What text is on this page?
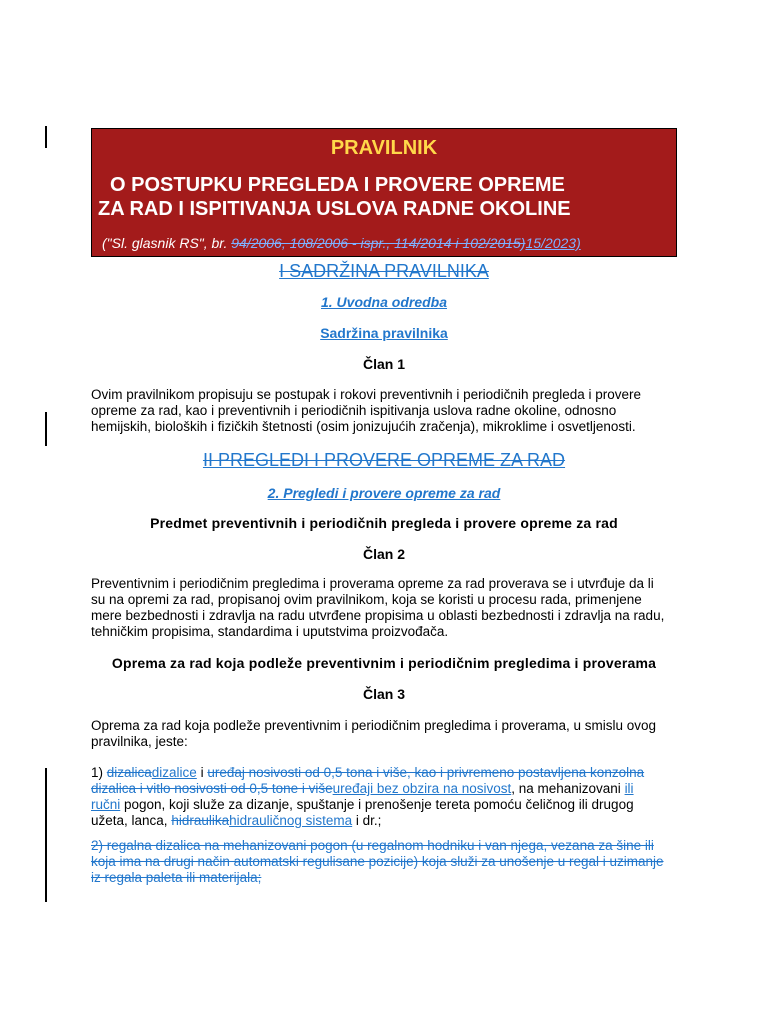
PRAVILNIK
O POSTUPKU PREGLEDA I PROVERE OPREME
ZA RAD I ISPITIVANJA USLOVA RADNE OKOLINE
("Sl. glasnik RS", br. 94/2006, 108/2006 - ispr., 114/2014 i 102/2015)15/2023)
I SADRŽINA PRAVILNIKA
1. Uvodna odredba
Sadržina pravilnika
Član 1
Ovim pravilnikom propisuju se postupak i rokovi preventivnih i periodičnih pregleda i provere
opreme za rad, kao i preventivnih i periodičnih ispitivanja uslova radne okoline, odnosno
hemijskih, bioloških i fizičkih štetnosti (osim jonizujućih zračenja), mikroklime i osvetljenosti.
II PREGLEDI I PROVERE OPREME ZA RAD
2. Pregledi i provere opreme za rad
Predmet preventivnih i periodičnih pregleda i provere opreme za rad
Član 2
Preventivnim i periodičnim pregledima i proverama opreme za rad proverava se i utvrđuje da li
su na opremi za rad, propisanoj ovim pravilnikom, koja se koristi u procesu rada, primenjene
mere bezbednosti i zdravlja na radu utvrđene propisima u oblasti bezbednosti i zdravlja na radu,
tehničkim propisima, standardima i uputstvima proizvođača.
Oprema za rad koja podleže preventivnim i periodičnim pregledima i proverama
Član 3
Oprema za rad koja podleže preventivnim i periodičnim pregledima i proverama, u smislu ovog
pravilnika, jeste:
1) dizalicadizalice i uređaj nosivosti od 0,5 tona i više, kao i privremeno postavljena konzolna
dizalica i vitlo nosivosti od 0,5 tone i višeuređaji bez obzira na nosivost, na mehanizovani ili
ručni pogon, koji služe za dizanje, spuštanje i prenošenje tereta pomoću čeličnog ili drugog
užeta, lanca, hidraulikahidrauličnog sistema i dr.;
2) regalna dizalica na mehanizovani pogon (u regalnom hodniku i van njega, vezana za šine ili
koja ima na drugi način automatski regulisane pozicije) koja služi za unošenje u regal i uzimanje
iz regala paleta ili materijala;
